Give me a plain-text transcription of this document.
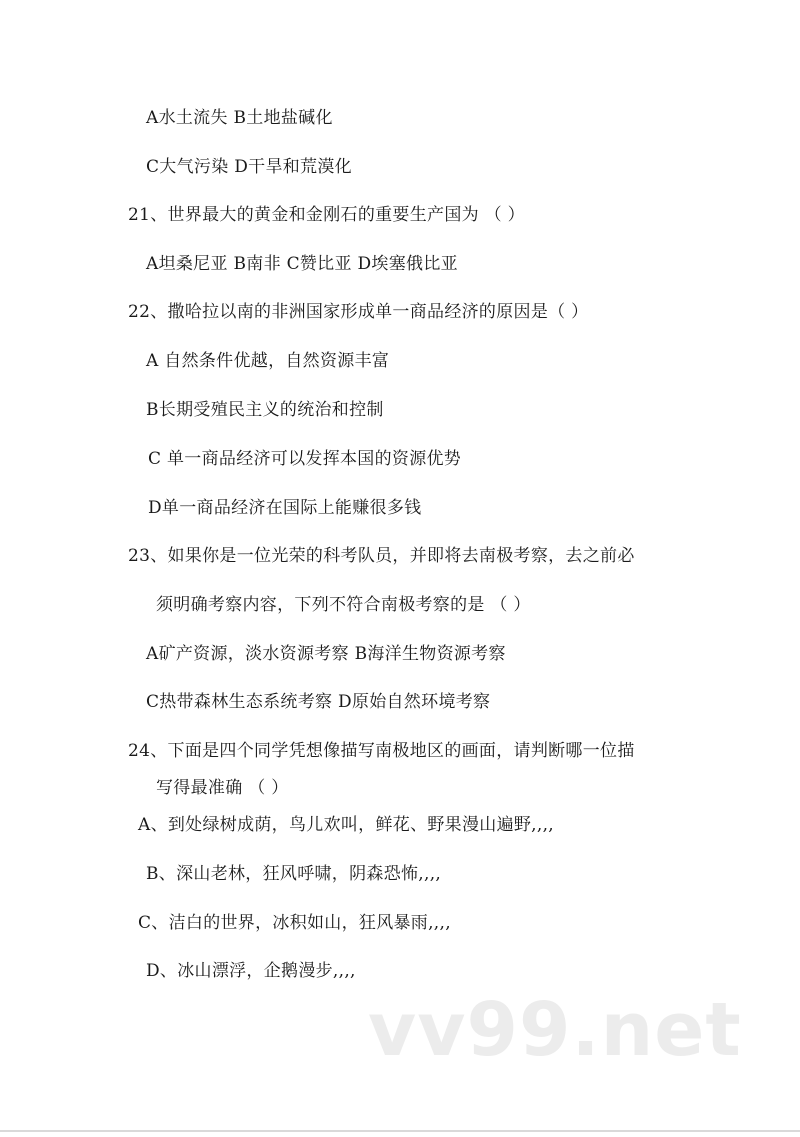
A水土流失 B土地盐碱化
C大气污染 D干旱和荒漠化
21、世界最大的黄金和金刚石的重要生产国为 （ ）
A坦桑尼亚 B南非 C赞比亚 D埃塞俄比亚
22、撒哈拉以南的非洲国家形成单一商品经济的原因是（ ）
A 自然条件优越，自然资源丰富
B长期受殖民主义的统治和控制
C 单一商品经济可以发挥本国的资源优势
D单一商品经济在国际上能赚很多钱
23、如果你是一位光荣的科考队员，并即将去南极考察，去之前必
须明确考察内容，下列不符合南极考察的是 （ ）
A矿产资源，淡水资源考察 B海洋生物资源考察
C热带森林生态系统考察 D原始自然环境考察
24、下面是四个同学凭想像描写南极地区的画面，请判断哪一位描
写得最准确 （ ）
A、到处绿树成荫，鸟儿欢叫，鲜花、野果漫山遍野,,,,
B、深山老林，狂风呼啸，阴森恐怖,,,,
C、洁白的世界，冰积如山，狂风暴雨,,,,
D、冰山漂浮，企鹅漫步,,,,
vv99.net
